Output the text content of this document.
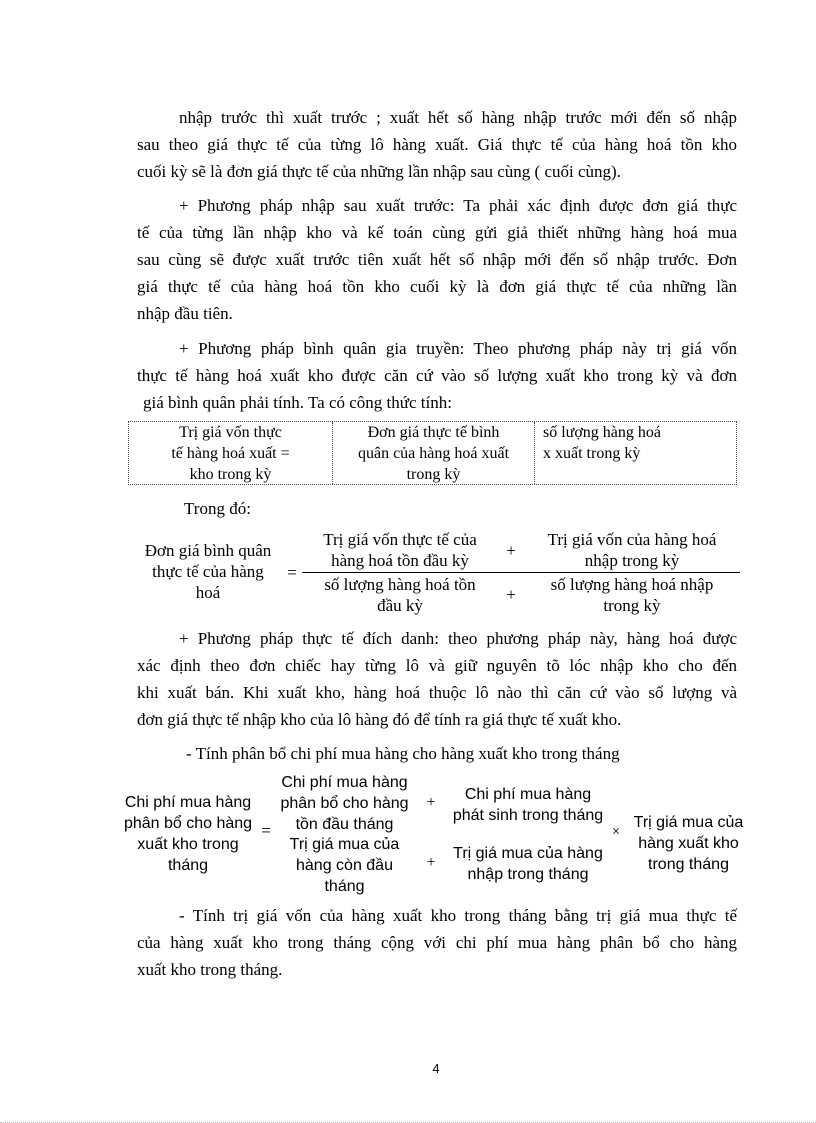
nhập trước thì xuất trước ; xuất hết số hàng nhập trước mới đến số nhập
sau theo giá thực tế của từng lô hàng xuất. Giá thực tế của hàng hoá tồn kho
cuối kỳ sẽ là đơn giá thực tế của những lần nhập sau cùng ( cuối cùng).
+ Phương pháp nhập sau xuất trước: Ta phải xác định được đơn giá thực
tế của từng lần nhập kho và kế toán cùng gửi giả thiết những hàng hoá mua
sau cùng sẽ được xuất trước tiên xuất hết số nhập mới đến số nhập trước. Đơn
giá thực tế của hàng hoá tồn kho cuối kỳ là đơn giá thực tế của những lần
nhập đầu tiên.
+ Phương pháp bình quân gia truyền: Theo phương pháp này trị giá vốn
thực tế hàng hoá xuất kho được căn cứ vào số lượng xuất kho trong kỳ và đơn
giá bình quân phải tính. Ta có công thức tính:
Trị giá vốn thực
tế hàng hoá xuất =
kho trong kỳ
Đơn giá thực tế bình
quân của hàng hoá xuất
trong kỳ
số lượng hàng hoá
x xuất trong kỳ
Trong đó:
Đơn giá bình quân
thực tế của hàng
hoá
=
Trị giá vốn thực tế của
hàng hoá tồn đầu kỳ
+
Trị giá vốn của hàng hoá
nhập trong kỳ
số lượng hàng hoá tồn
đầu kỳ
+
số lượng hàng hoá nhập
trong kỳ
+ Phương pháp thực tế đích danh: theo phương pháp này, hàng hoá được
xác định theo đơn chiếc hay từng lô và giữ nguyên tõ lóc nhập kho cho đến
khi xuất bán. Khi xuất kho, hàng hoá thuộc lô nào thì căn cứ vào số lượng và
đơn giá thực tế nhập kho của lô hàng đó để tính ra giá thực tế xuất kho.
- Tính phân bổ chi phí mua hàng cho hàng xuất kho trong tháng
Chi phí mua hàng
phân bổ cho hàng
xuất kho trong
tháng
=
Chi phí mua hàng
phân bổ cho hàng
tồn đầu tháng
+	Chi phí mua hàng
phát sinh trong tháng
Trị giá mua của
hàng còn đầu
tháng
+
Trị giá mua của hàng
nhập trong tháng
×
Trị giá mua của
hàng xuất kho
trong tháng
- Tính trị giá vốn của hàng xuất kho trong tháng bằng trị giá mua thực tế
của hàng xuất kho trong tháng cộng với chi phí mua hàng phân bổ cho hàng
xuất kho trong tháng.
4
